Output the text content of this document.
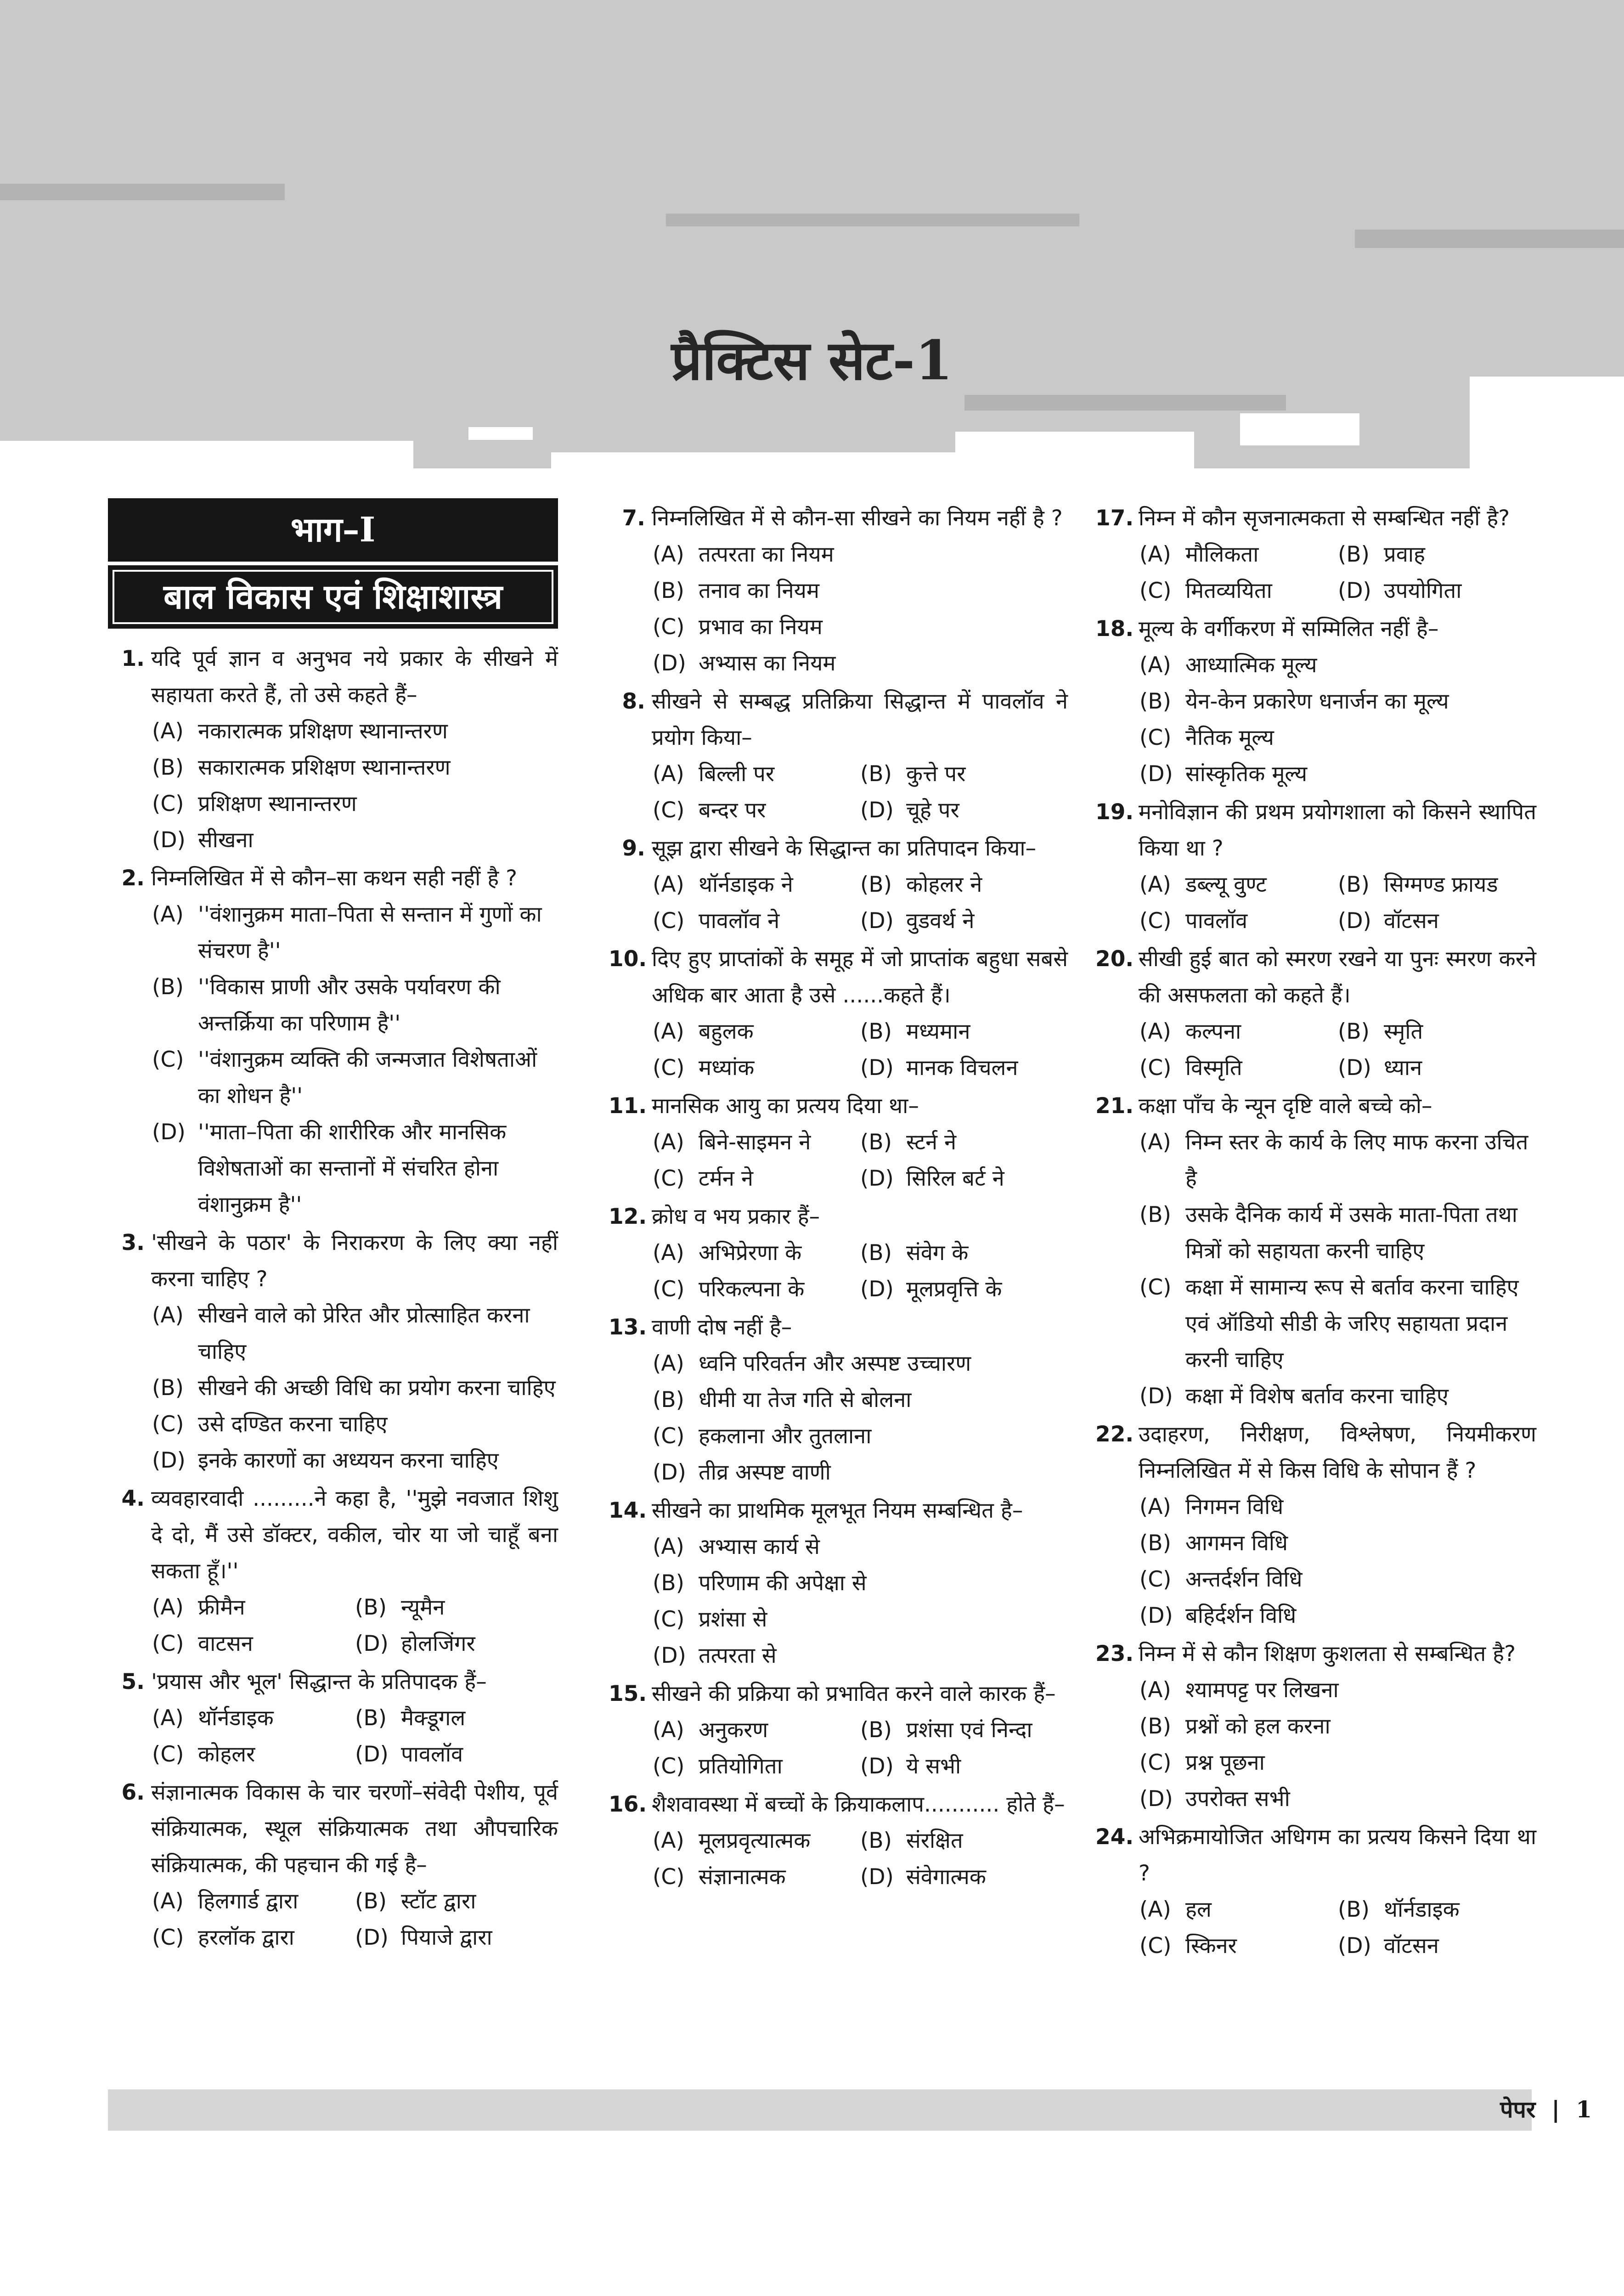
प्रैक्टिस सेट-1
भाग–I
बाल विकास एवं शिक्षाशास्त्र
1. यदि पूर्व ज्ञान व अनुभव नये प्रकार के सीखने में सहायता करते हैं, तो उसे कहते हैं–
(A) नकारात्मक प्रशिक्षण स्थानान्तरण
(B) सकारात्मक प्रशिक्षण स्थानान्तरण
(C) प्रशिक्षण स्थानान्तरण
(D) सीखना
2. निम्नलिखित में से कौन–सा कथन सही नहीं है ?
(A) ''वंशानुक्रम माता–पिता से सन्तान में गुणों का संचरण है''
(B) ''विकास प्राणी और उसके पर्यावरण की अन्तर्क्रिया का परिणाम है''
(C) ''वंशानुक्रम व्यक्ति की जन्मजात विशेषताओं का शोधन है''
(D) ''माता–पिता की शारीरिक और मानसिक विशेषताओं का सन्तानों में संचरित होना वंशानुक्रम है''
3. 'सीखने के पठार' के निराकरण के लिए क्या नहीं करना चाहिए ?
(A) सीखने वाले को प्रेरित और प्रोत्साहित करना चाहिए
(B) सीखने की अच्छी विधि का प्रयोग करना चाहिए
(C) उसे दण्डित करना चाहिए
(D) इनके कारणों का अध्ययन करना चाहिए
4. व्यवहारवादी .........ने कहा है, ''मुझे नवजात शिशु दे दो, मैं उसे डॉक्टर, वकील, चोर या जो चाहूँ बना सकता हूँ।''
(A) फ्रीमैन	(B) न्यूमैन
(C) वाटसन	(D) होलजिंगर
5. 'प्रयास और भूल' सिद्धान्त के प्रतिपादक हैं–
(A) थॉर्नडाइक	(B) मैक्डूगल
(C) कोहलर	(D) पावलॉव
6. संज्ञानात्मक विकास के चार चरणों–संवेदी पेशीय, पूर्व संक्रियात्मक, स्थूल संक्रियात्मक तथा औपचारिक संक्रियात्मक, की पहचान की गई है–
(A) हिलगार्ड द्वारा	(B) स्टॉट द्वारा
(C) हरलॉक द्वारा	(D) पियाजे द्वारा
7. निम्नलिखित में से कौन-सा सीखने का नियम नहीं है ?
(A) तत्परता का नियम
(B) तनाव का नियम
(C) प्रभाव का नियम
(D) अभ्यास का नियम
8. सीखने से सम्बद्ध प्रतिक्रिया सिद्धान्त में पावलॉव ने प्रयोग किया–
(A) बिल्ली पर	(B) कुत्ते पर
(C) बन्दर पर	(D) चूहे पर
9. सूझ द्वारा सीखने के सिद्धान्त का प्रतिपादन किया–
(A) थॉर्नडाइक ने	(B) कोहलर ने
(C) पावलॉव ने	(D) वुडवर्थ ने
10. दिए हुए प्राप्तांकों के समूह में जो प्राप्तांक बहुधा सबसे अधिक बार आता है उसे ......कहते हैं।
(A) बहुलक	(B) मध्यमान
(C) मध्यांक	(D) मानक विचलन
11. मानसिक आयु का प्रत्यय दिया था–
(A) बिने-साइमन ने	(B) स्टर्न ने
(C) टर्मन ने	(D) सिरिल बर्ट ने
12. क्रोध व भय प्रकार हैं–
(A) अभिप्रेरणा के	(B) संवेग के
(C) परिकल्पना के	(D) मूलप्रवृत्ति के
13. वाणी दोष नहीं है–
(A) ध्वनि परिवर्तन और अस्पष्ट उच्चारण
(B) धीमी या तेज गति से बोलना
(C) हकलाना और तुतलाना
(D) तीव्र अस्पष्ट वाणी
14. सीखने का प्राथमिक मूलभूत नियम सम्बन्धित है–
(A) अभ्यास कार्य से
(B) परिणाम की अपेक्षा से
(C) प्रशंसा से
(D) तत्परता से
15. सीखने की प्रक्रिया को प्रभावित करने वाले कारक हैं–
(A) अनुकरण	(B) प्रशंसा एवं निन्दा
(C) प्रतियोगिता	(D) ये सभी
16. शैशवावस्था में बच्चों के क्रियाकलाप........... होते हैं–
(A) मूलप्रवृत्यात्मक	(B) संरक्षित
(C) संज्ञानात्मक	(D) संवेगात्मक
17. निम्न में कौन सृजनात्मकता से सम्बन्धित नहीं है?
(A) मौलिकता	(B) प्रवाह
(C) मितव्ययिता	(D) उपयोगिता
18. मूल्य के वर्गीकरण में सम्मिलित नहीं है–
(A) आध्यात्मिक मूल्य
(B) येन-केन प्रकारेण धनार्जन का मूल्य
(C) नैतिक मूल्य
(D) सांस्कृतिक मूल्य
19. मनोविज्ञान की प्रथम प्रयोगशाला को किसने स्थापित किया था ?
(A) डब्ल्यू वुण्ट	(B) सिग्मण्ड फ्रायड
(C) पावलॉव	(D) वॉटसन
20. सीखी हुई बात को स्मरण रखने या पुनः स्मरण करने की असफलता को कहते हैं।
(A) कल्पना	(B) स्मृति
(C) विस्मृति	(D) ध्यान
21. कक्षा पाँच के न्यून दृष्टि वाले बच्चे को–
(A) निम्न स्तर के कार्य के लिए माफ करना उचित है
(B) उसके दैनिक कार्य में उसके माता-पिता तथा मित्रों को सहायता करनी चाहिए
(C) कक्षा में सामान्य रूप से बर्ताव करना चाहिए एवं ऑडियो सीडी के जरिए सहायता प्रदान करनी चाहिए
(D) कक्षा में विशेष बर्ताव करना चाहिए
22. उदाहरण, निरीक्षण, विश्लेषण, नियमीकरण निम्नलिखित में से किस विधि के सोपान हैं ?
(A) निगमन विधि
(B) आगमन विधि
(C) अन्तर्दर्शन विधि
(D) बहिर्दर्शन विधि
23. निम्न में से कौन शिक्षण कुशलता से सम्बन्धित है?
(A) श्यामपट्ट पर लिखना
(B) प्रश्नों को हल करना
(C) प्रश्न पूछना
(D) उपरोक्त सभी
24. अभिक्रमायोजित अधिगम का प्रत्यय किसने दिया था ?
(A) हल	(B) थॉर्नडाइक
(C) स्किनर	(D) वॉटसन
पेपर  |  1
